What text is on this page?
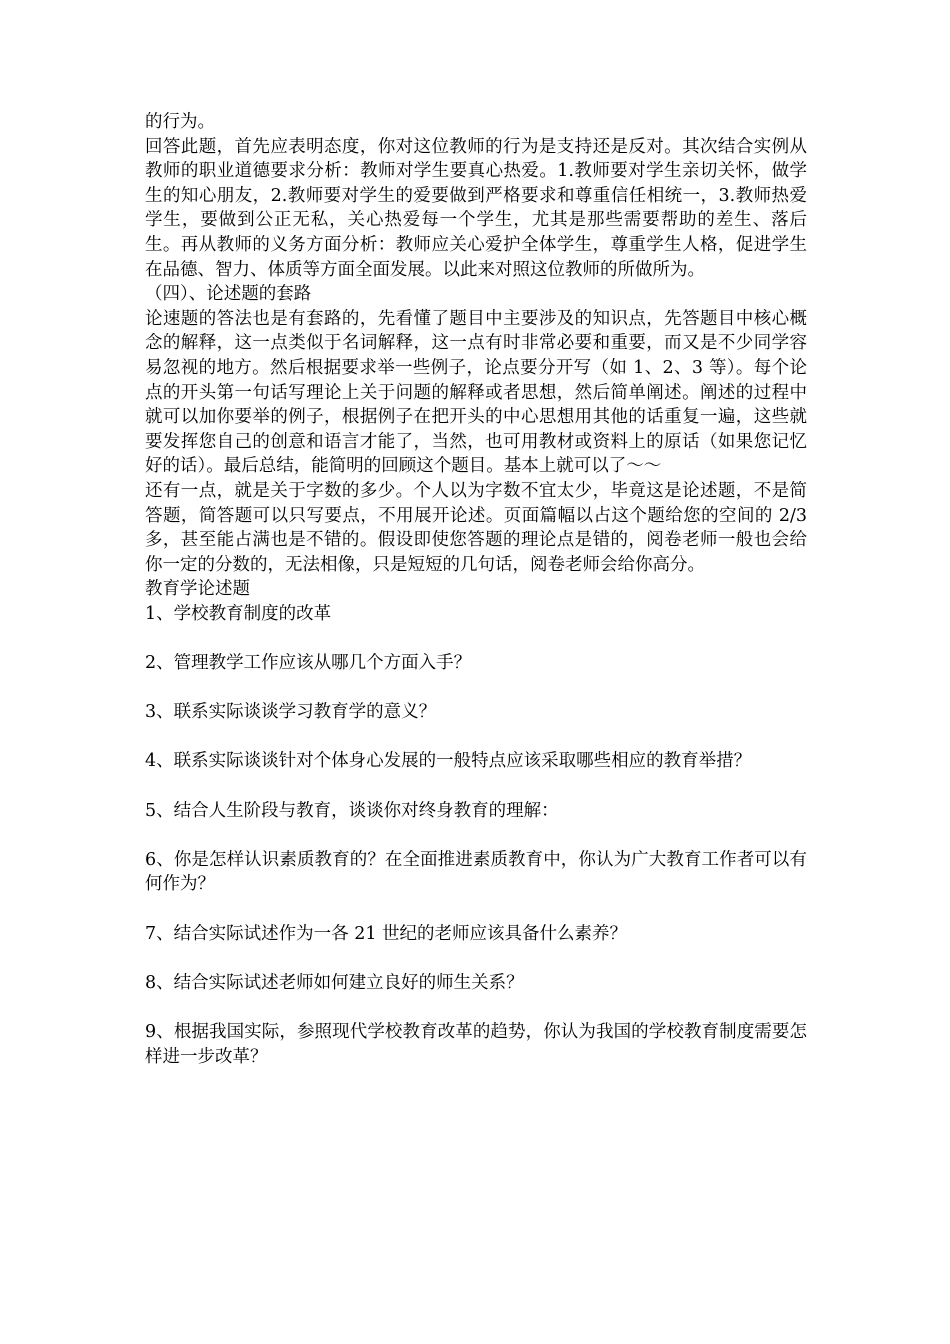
的行为。

回答此题，首先应表明态度，你对这位教师的行为是支持还是反对。其次结合实例从教师的职业道德要求分析：教师对学生要真心热爱。1.教师要对学生亲切关怀，做学生的知心朋友，2.教师要对学生的爱要做到严格要求和尊重信任相统一，3.教师热爱学生，要做到公正无私，关心热爱每一个学生，尤其是那些需要帮助的差生、落后生。再从教师的义务方面分析：教师应关心爱护全体学生，尊重学生人格，促进学生在品德、智力、体质等方面全面发展。以此来对照这位教师的所做所为。

（四）、论述题的套路

论速题的答法也是有套路的，先看懂了题目中主要涉及的知识点，先答题目中核心概念的解释，这一点类似于名词解释，这一点有时非常必要和重要，而又是不少同学容易忽视的地方。然后根据要求举一些例子，论点要分开写（如 1、2、3 等）。每个论点的开头第一句话写理论上关于问题的解释或者思想，然后简单阐述。阐述的过程中就可以加你要举的例子，根据例子在把开头的中心思想用其他的话重复一遍，这些就要发挥您自己的创意和语言才能了，当然，也可用教材或资料上的原话（如果您记忆好的话）。最后总结，能简明的回顾这个题目。基本上就可以了～～

还有一点，就是关于字数的多少。个人以为字数不宜太少，毕竟这是论述题，不是简答题，简答题可以只写要点，不用展开论述。页面篇幅以占这个题给您的空间的 2/3 多，甚至能占满也是不错的。假设即使您答题的理论点是错的，阅卷老师一般也会给你一定的分数的，无法相像，只是短短的几句话，阅卷老师会给你高分。

教育学论述题

1、学校教育制度的改革

2、管理教学工作应该从哪几个方面入手？

3、联系实际谈谈学习教育学的意义？

4、联系实际谈谈针对个体身心发展的一般特点应该采取哪些相应的教育举措？

5、结合人生阶段与教育，谈谈你对终身教育的理解：

6、你是怎样认识素质教育的？在全面推进素质教育中，你认为广大教育工作者可以有何作为？

7、结合实际试述作为一各 21 世纪的老师应该具备什么素养？

8、结合实际试述老师如何建立良好的师生关系？

9、根据我国实际，参照现代学校教育改革的趋势，你认为我国的学校教育制度需要怎样进一步改革？
